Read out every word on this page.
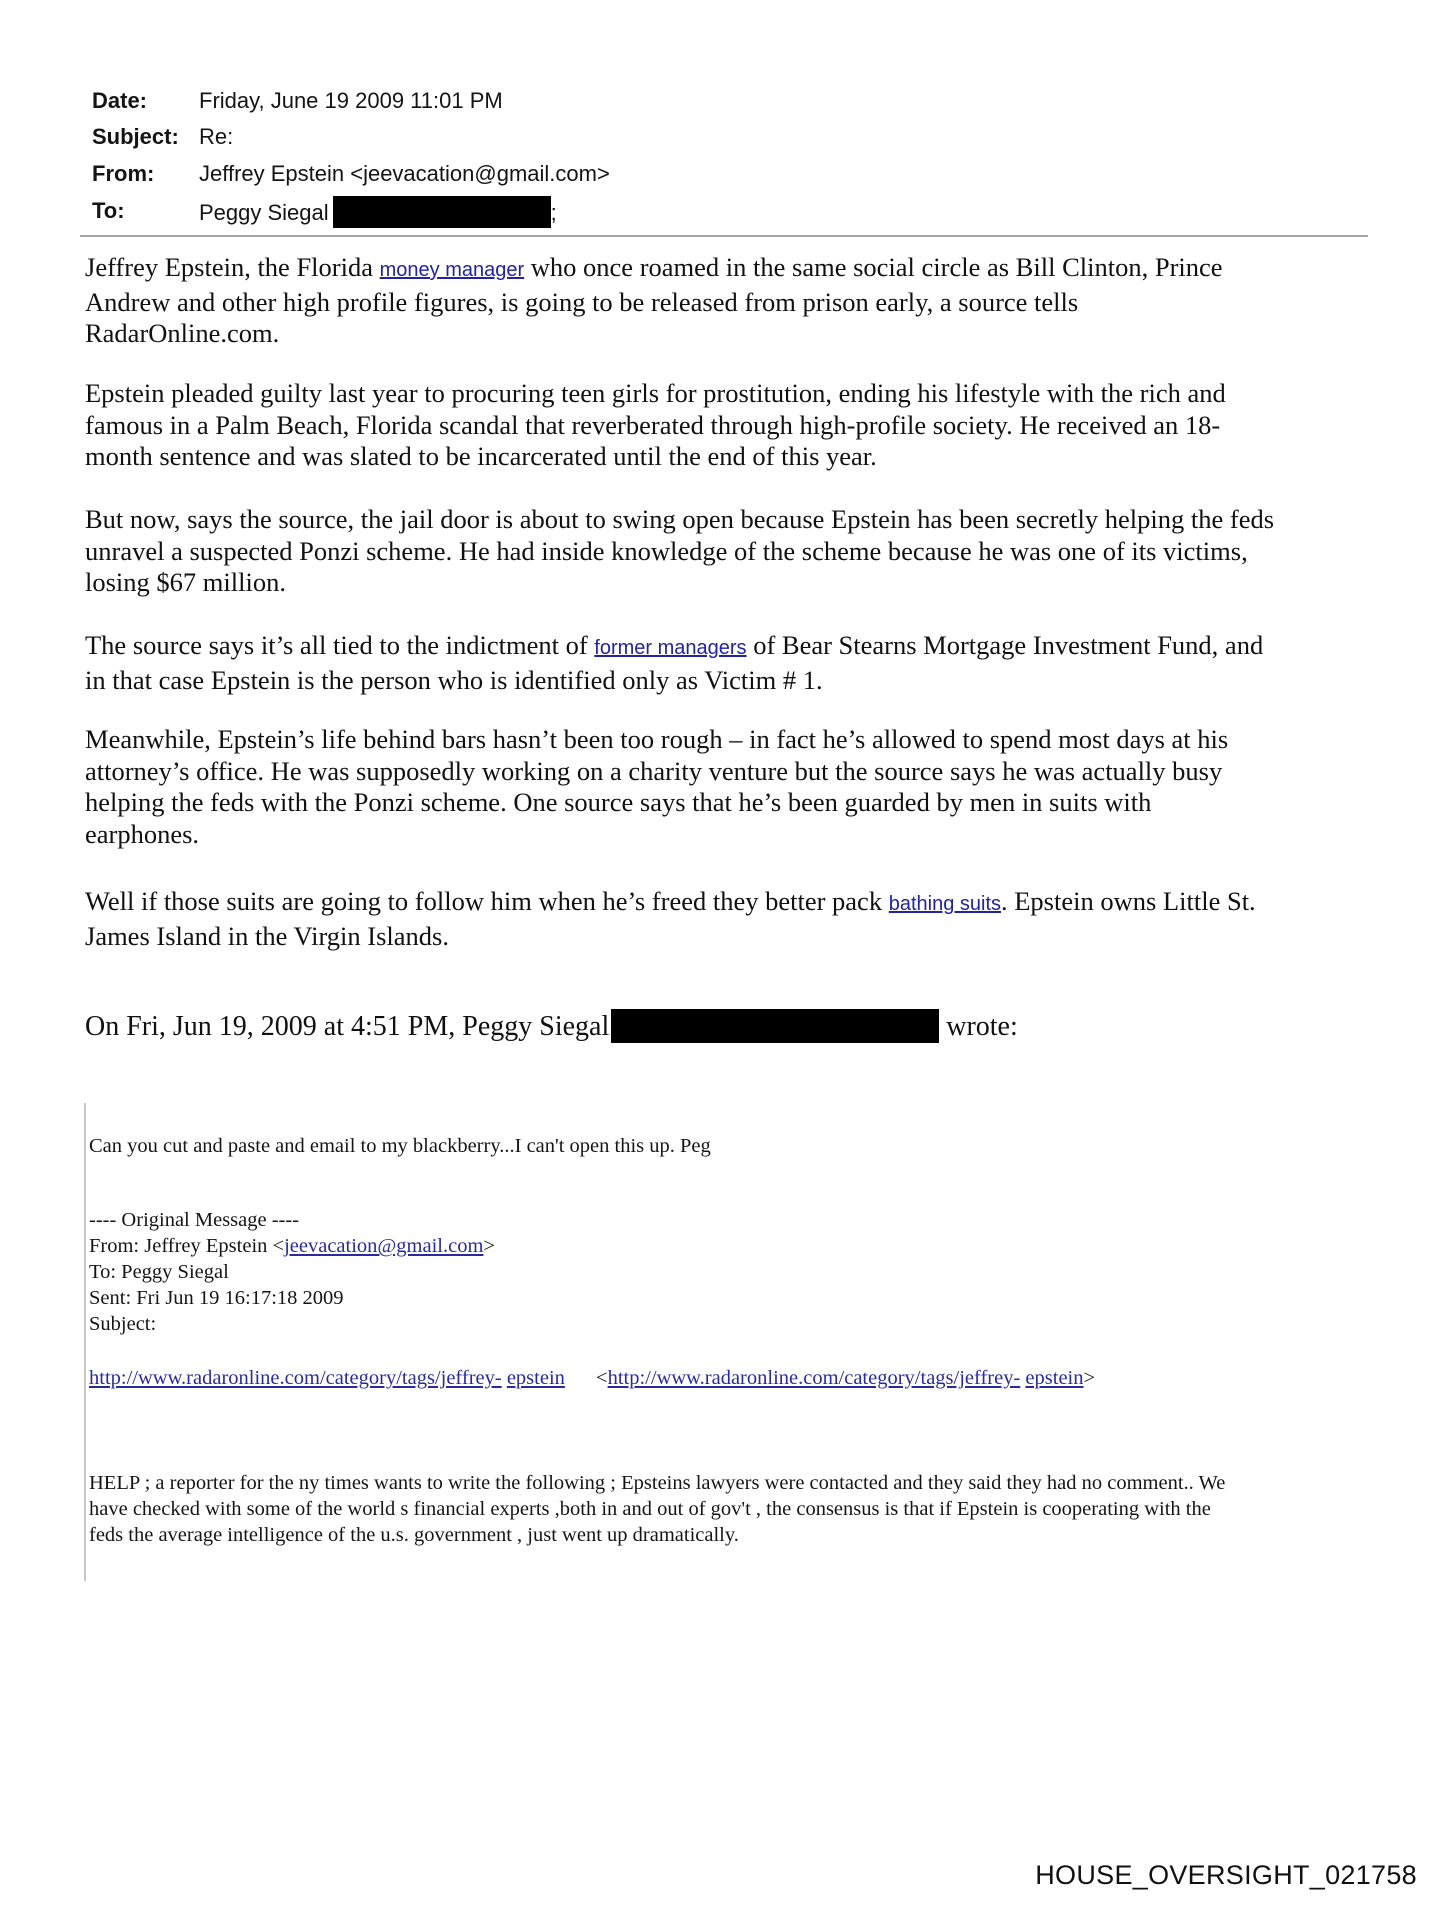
Date: Friday, June 19 2009 11:01 PM
Subject: Re:
From: Jeffrey Epstein <jeevacation@gmail.com>
To:	Peggy Siegal	;
Jeffrey Epstein, the Florida money manager who once roamed in the same social circle as Bill Clinton, Prince
Andrew and other high profile figures, is going to be released from prison early, a source tells
RadarOnline.com.
Epstein pleaded guilty last year to procuring teen girls for prostitution, ending his lifestyle with the rich and
famous in a Palm Beach, Florida scandal that reverberated through high-profile society. He received an 18-
month sentence and was slated to be incarcerated until the end of this year.
But now, says the source, the jail door is about to swing open because Epstein has been secretly helping the feds
unravel a suspected Ponzi scheme. He had inside knowledge of the scheme because he was one of its victims,
losing $67 million.
The source says it’s all tied to the indictment of former managers of Bear Stearns Mortgage Investment Fund, and
in that case Epstein is the person who is identified only as Victim # 1.
Meanwhile, Epstein’s life behind bars hasn’t been too rough – in fact he’s allowed to spend most days at his
attorney’s office. He was supposedly working on a charity venture but the source says he was actually busy
helping the feds with the Ponzi scheme. One source says that he’s been guarded by men in suits with
earphones.
Well if those suits are going to follow him when he’s freed they better pack bathing suits. Epstein owns Little St.
James Island in the Virgin Islands.
On Fri, Jun 19, 2009 at 4:51 PM, Peggy Siegal	wrote:
Can you cut and paste and email to my blackberry...I can't open this up. Peg
---- Original Message ----
From: Jeffrey Epstein <jeevacation@gmail.com>
To: Peggy Siegal
Sent: Fri Jun 19 16:17:18 2009
Subject:
http://www.radaronline.com/category/tags/jeffrey- epstein <http://www.radaronline.com/category/tags/jeffrey- epstein>
HELP ; a reporter for the ny times wants to write the following ; Epsteins lawyers were contacted and they said they had no comment.. We
have checked with some of the world s financial experts ,both in and out of gov't , the consensus is that if Epstein is cooperating with the
feds the average intelligence of the u.s. government , just went up dramatically.
HOUSE_OVERSIGHT_021758
